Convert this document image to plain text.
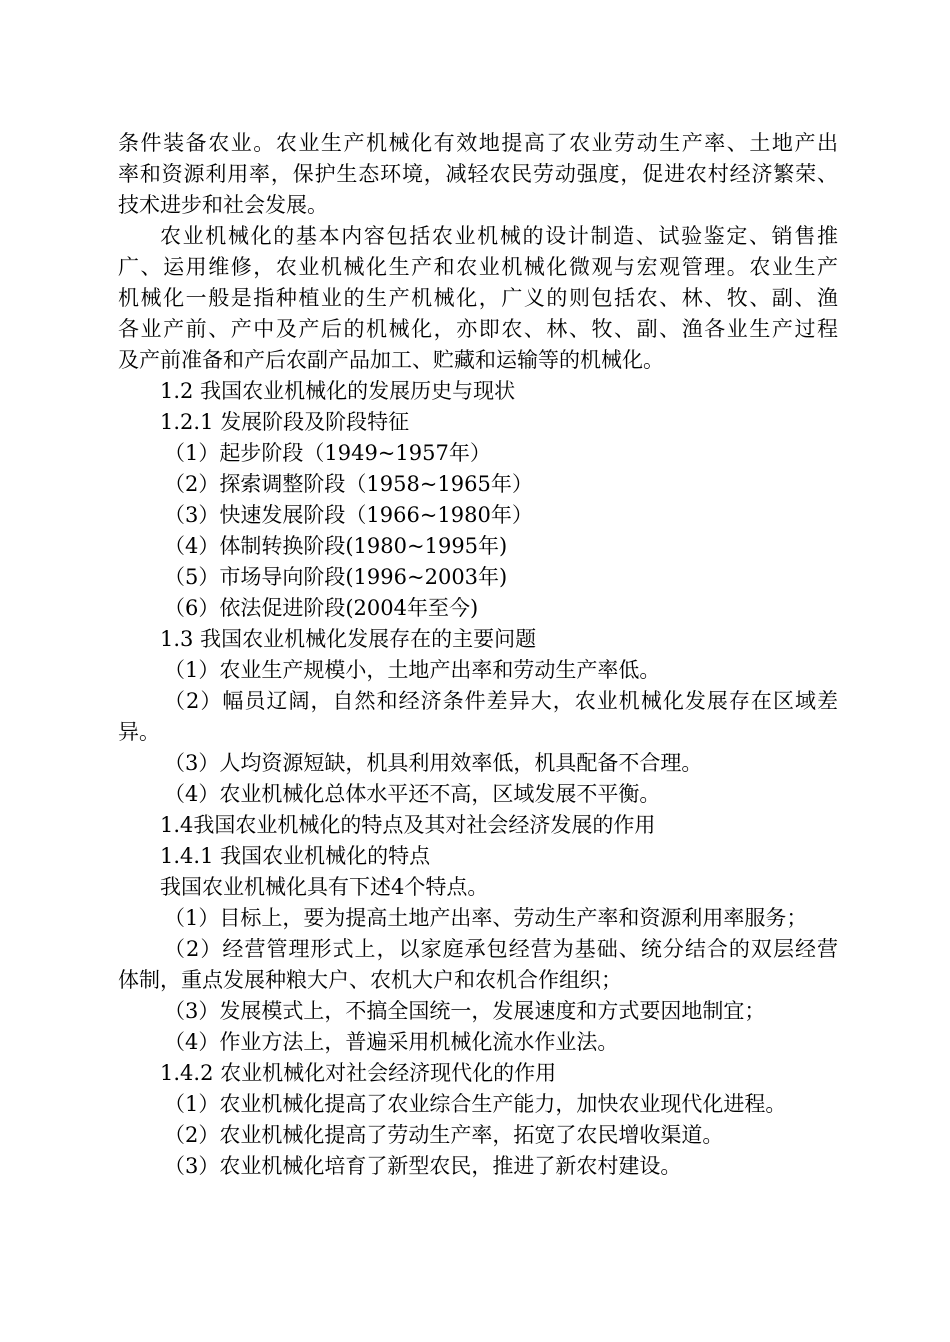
条件装备农业。农业生产机械化有效地提高了农业劳动生产率、土地产出
率和资源利用率，保护生态环境，减轻农民劳动强度，促进农村经济繁荣、
技术进步和社会发展。
农业机械化的基本内容包括农业机械的设计制造、试验鉴定、销售推
广、运用维修，农业机械化生产和农业机械化微观与宏观管理。农业生产
机械化一般是指种植业的生产机械化，广义的则包括农、林、牧、副、渔
各业产前、产中及产后的机械化，亦即农、林、牧、副、渔各业生产过程
及产前准备和产后农副产品加工、贮藏和运输等的机械化。
1.2 我国农业机械化的发展历史与现状
1.2.1 发展阶段及阶段特征
（1）起步阶段（1949~1957年）
（2）探索调整阶段（1958~1965年）
（3）快速发展阶段（1966~1980年）
（4）体制转换阶段(1980~1995年)
（5）市场导向阶段(1996~2003年)
（6）依法促进阶段(2004年至今)
1.3 我国农业机械化发展存在的主要问题
（1）农业生产规模小，土地产出率和劳动生产率低。
（2）幅员辽阔，自然和经济条件差异大，农业机械化发展存在区域差
异。
（3）人均资源短缺，机具利用效率低，机具配备不合理。
（4）农业机械化总体水平还不高，区域发展不平衡。
1.4我国农业机械化的特点及其对社会经济发展的作用
1.4.1 我国农业机械化的特点
我国农业机械化具有下述4个特点。
（1）目标上，要为提高土地产出率、劳动生产率和资源利用率服务；
（2）经营管理形式上，以家庭承包经营为基础、统分结合的双层经营
体制，重点发展种粮大户、农机大户和农机合作组织；
（3）发展模式上，不搞全国统一，发展速度和方式要因地制宜；
（4）作业方法上，普遍采用机械化流水作业法。
1.4.2 农业机械化对社会经济现代化的作用
（1）农业机械化提高了农业综合生产能力，加快农业现代化进程。
（2）农业机械化提高了劳动生产率，拓宽了农民增收渠道。
（3）农业机械化培育了新型农民，推进了新农村建设。
